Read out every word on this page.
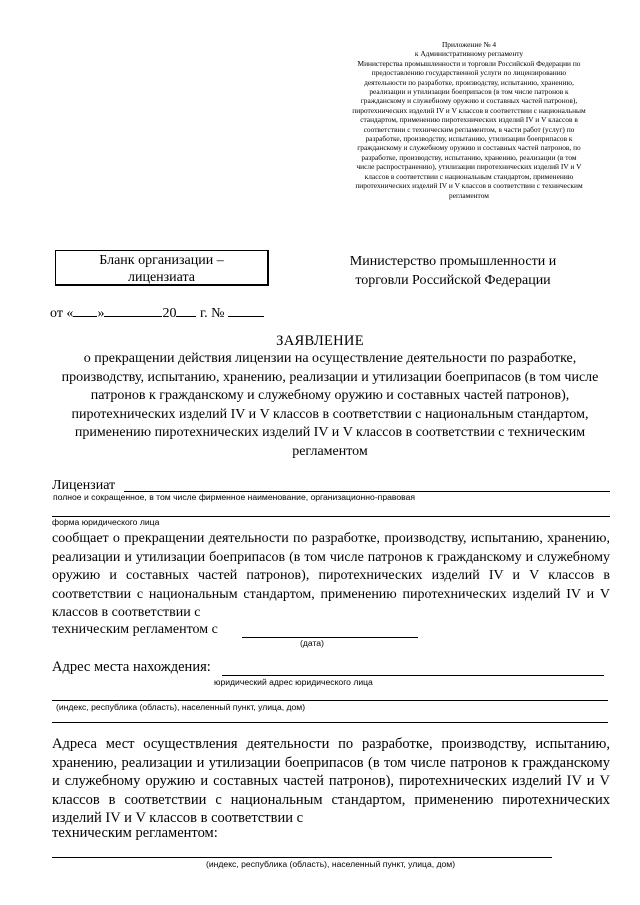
Приложение № 4
к Административному регламенту
Министерства промышленности и торговли Российской Федерации по
предоставлению государственной услуги по лицензированию
деятельности по разработке, производству, испытанию, хранению,
реализации и утилизации боеприпасов (в том числе патронов к
гражданскому и служебному оружию и составных частей патронов),
пиротехнических изделий IV и V классов в соответствии с национальным
стандартом, применению пиротехнических изделий IV и V классов в
соответствии с техническим регламентом, в части работ (услуг) по
разработке, производству, испытанию, утилизации боеприпасов к
гражданскому и служебному оружию и составных частей патронов, по
разработке, производству, испытанию, хранению, реализации (в том
числе распространению), утилизации пиротехнических изделий IV и V
классов в соответствии с национальным стандартом, применению
пиротехнических изделий IV и V классов в соответствии с техническим
регламентом
Бланк организации –
лицензиата
Министерство промышленности и
торговли Российской Федерации
от « »	20 г. №
ЗАЯВЛЕНИЕ
о прекращении действия лицензии на осуществление деятельности по разработке, производству, испытанию, хранению, реализации и утилизации боеприпасов (в том числе патронов к гражданскому и служебному оружию и составных частей патронов), пиротехнических изделий IV и V классов в соответствии с национальным стандартом, применению пиротехнических изделий IV и V классов в соответствии с техническим регламентом
Лицензиат
полное и сокращенное, в том числе фирменное наименование, организационно-правовая
форма юридического лица
сообщает о прекращении деятельности по разработке, производству, испытанию, хранению, реализации и утилизации боеприпасов (в том числе патронов к гражданскому и служебному оружию и составных частей патронов), пиротехнических изделий IV и V классов в соответствии с национальным стандартом, применению пиротехнических изделий IV и V классов в соответствии с
техническим регламентом с
(дата)
Адрес места нахождения:
юридический адрес юридического лица
(индекс, республика (область), населенный пункт, улица, дом)
Адреса мест осуществления деятельности по разработке, производству, испытанию, хранению, реализации и утилизации боеприпасов (в том числе патронов к гражданскому и служебному оружию и составных частей патронов), пиротехнических изделий IV и V классов в соответствии с национальным стандартом, применению пиротехнических изделий IV и V классов в соответствии с
техническим регламентом:
(индекс, республика (область), населенный пункт, улица, дом)
